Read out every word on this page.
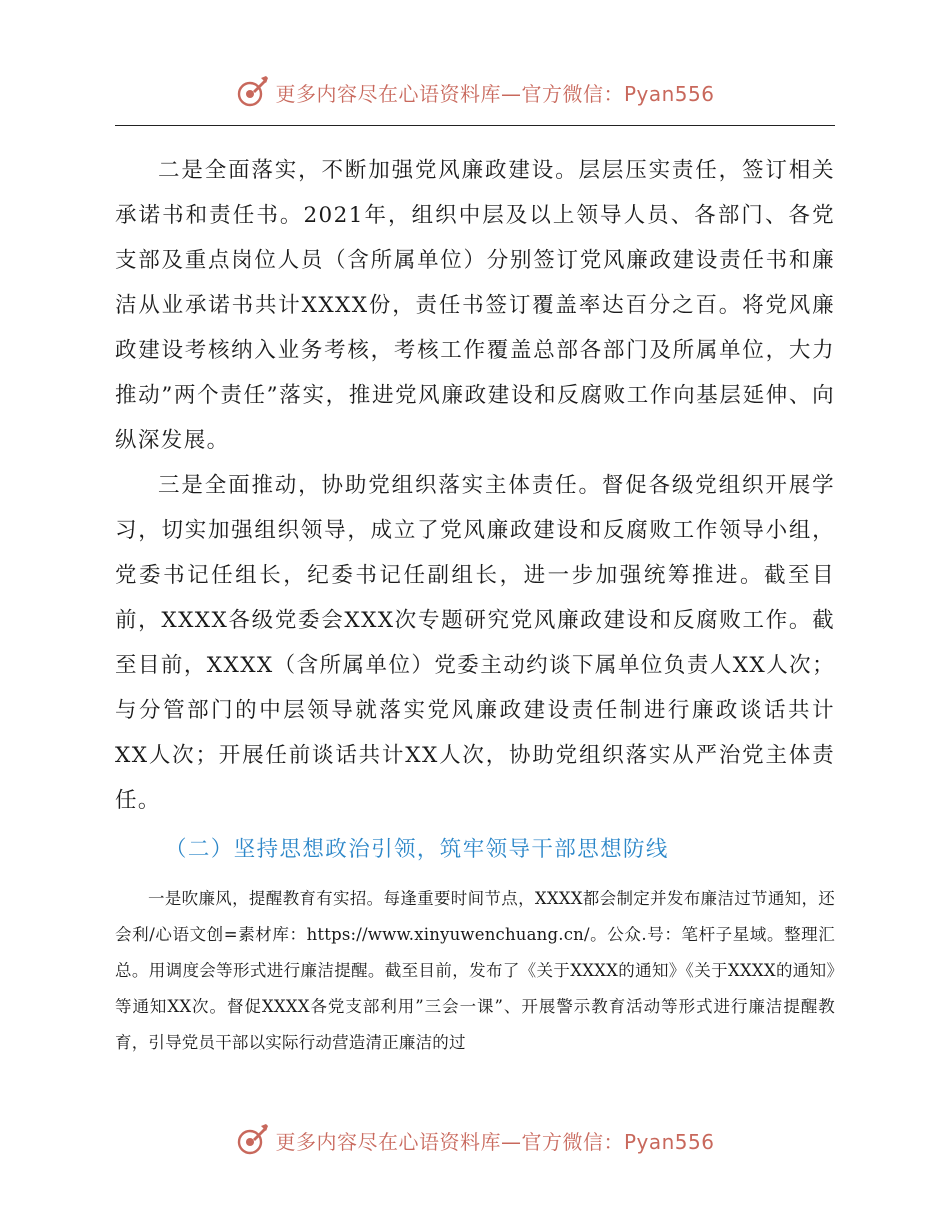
更多内容尽在心语资料库—官方微信：Pyan556

二是全面落实，不断加强党风廉政建设。层层压实责任，签订相关承诺书和责任书。2021年，组织中层及以上领导人员、各部门、各党支部及重点岗位人员（含所属单位）分别签订党风廉政建设责任书和廉洁从业承诺书共计XXXX份，责任书签订覆盖率达百分之百。将党风廉政建设考核纳入业务考核，考核工作覆盖总部各部门及所属单位，大力推动”两个责任”落实，推进党风廉政建设和反腐败工作向基层延伸、向纵深发展。

三是全面推动，协助党组织落实主体责任。督促各级党组织开展学习，切实加强组织领导，成立了党风廉政建设和反腐败工作领导小组，党委书记任组长，纪委书记任副组长，进一步加强统筹推进。截至目前，XXXX各级党委会XXX次专题研究党风廉政建设和反腐败工作。截至目前，XXXX（含所属单位）党委主动约谈下属单位负责人XX人次；与分管部门的中层领导就落实党风廉政建设责任制进行廉政谈话共计XX人次；开展任前谈话共计XX人次，协助党组织落实从严治党主体责任。

（二）坚持思想政治引领，筑牢领导干部思想防线

一是吹廉风，提醒教育有实招。每逢重要时间节点，XXXX都会制定并发布廉洁过节通知，还会利/心语文创=素材库：https://www.xinyuwenchuang.cn/。公众.号：笔杆子星域。整理汇总。用调度会等形式进行廉洁提醒。截至目前，发布了《关于XXXX的通知》《关于XXXX的通知》等通知XX次。督促XXXX各党支部利用”三会一课”、开展警示教育活动等形式进行廉洁提醒教育，引导党员干部以实际行动营造清正廉洁的过

更多内容尽在心语资料库—官方微信：Pyan556
